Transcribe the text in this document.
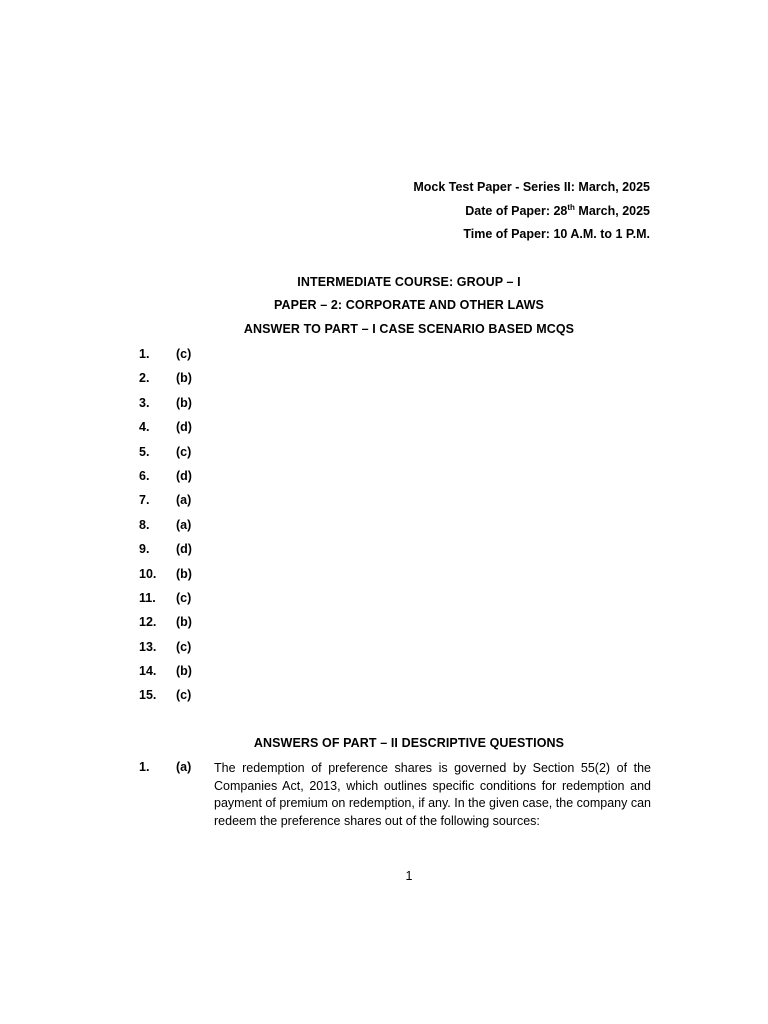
Mock Test Paper - Series II: March, 2025
Date of Paper: 28th March, 2025
Time of Paper: 10 A.M. to 1 P.M.
INTERMEDIATE COURSE: GROUP – I
PAPER – 2: CORPORATE AND OTHER LAWS
ANSWER TO PART – I CASE SCENARIO BASED MCQS
1.	(c)
2.	(b)
3.	(b)
4.	(d)
5.	(c)
6.	(d)
7.	(a)
8.	(a)
9.	(d)
10.	(b)
11.	(c)
12.	(b)
13.	(c)
14.	(b)
15.	(c)
ANSWERS OF PART – II DESCRIPTIVE QUESTIONS
1. (a) The redemption of preference shares is governed by Section 55(2) of the Companies Act, 2013, which outlines specific conditions for redemption and payment of premium on redemption, if any. In the given case, the company can redeem the preference shares out of the following sources:
1
